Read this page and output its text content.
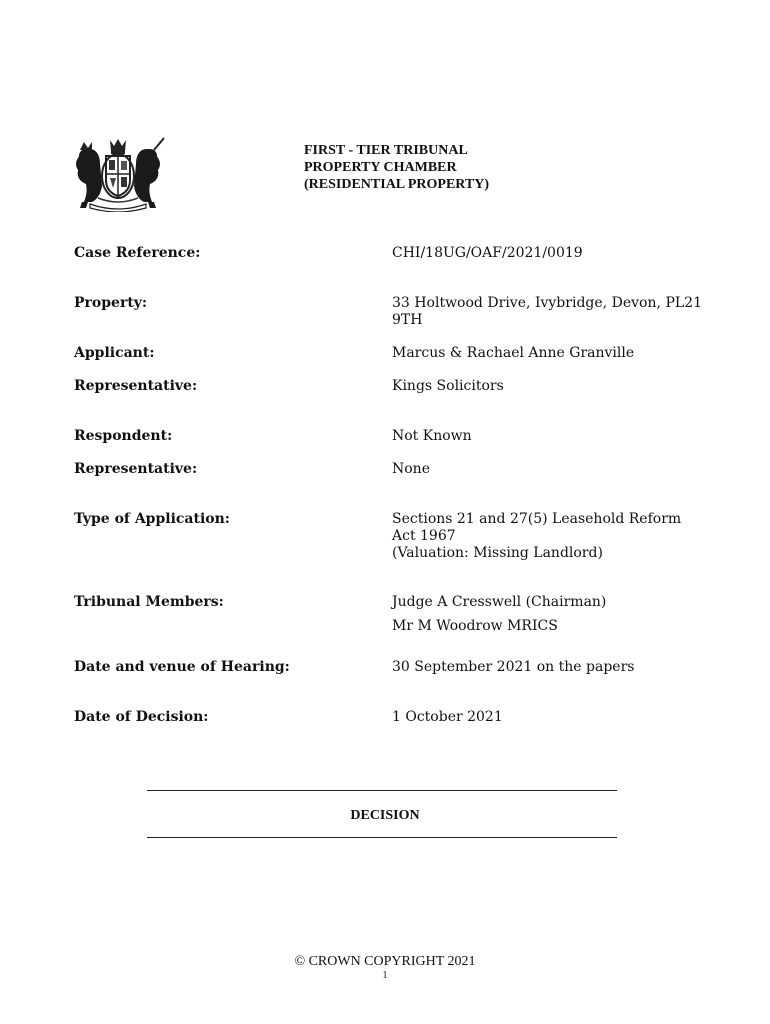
FIRST - TIER TRIBUNAL
PROPERTY CHAMBER
(RESIDENTIAL PROPERTY)
Case Reference:	CHI/18UG/OAF/2021/0019
Property:	33 Holtwood Drive, Ivybridge, Devon, PL21 9TH
Applicant:	Marcus & Rachael Anne Granville
Representative:	Kings Solicitors
Respondent:	Not Known
Representative:	None
Type of Application:	Sections 21 and 27(5) Leasehold Reform Act 1967
(Valuation: Missing Landlord)
Tribunal Members:	Judge A Cresswell (Chairman)
Mr M Woodrow MRICS
Date and venue of Hearing:	30 September 2021 on the papers
Date of Decision:	1 October 2021
DECISION
© CROWN COPYRIGHT 2021
1
